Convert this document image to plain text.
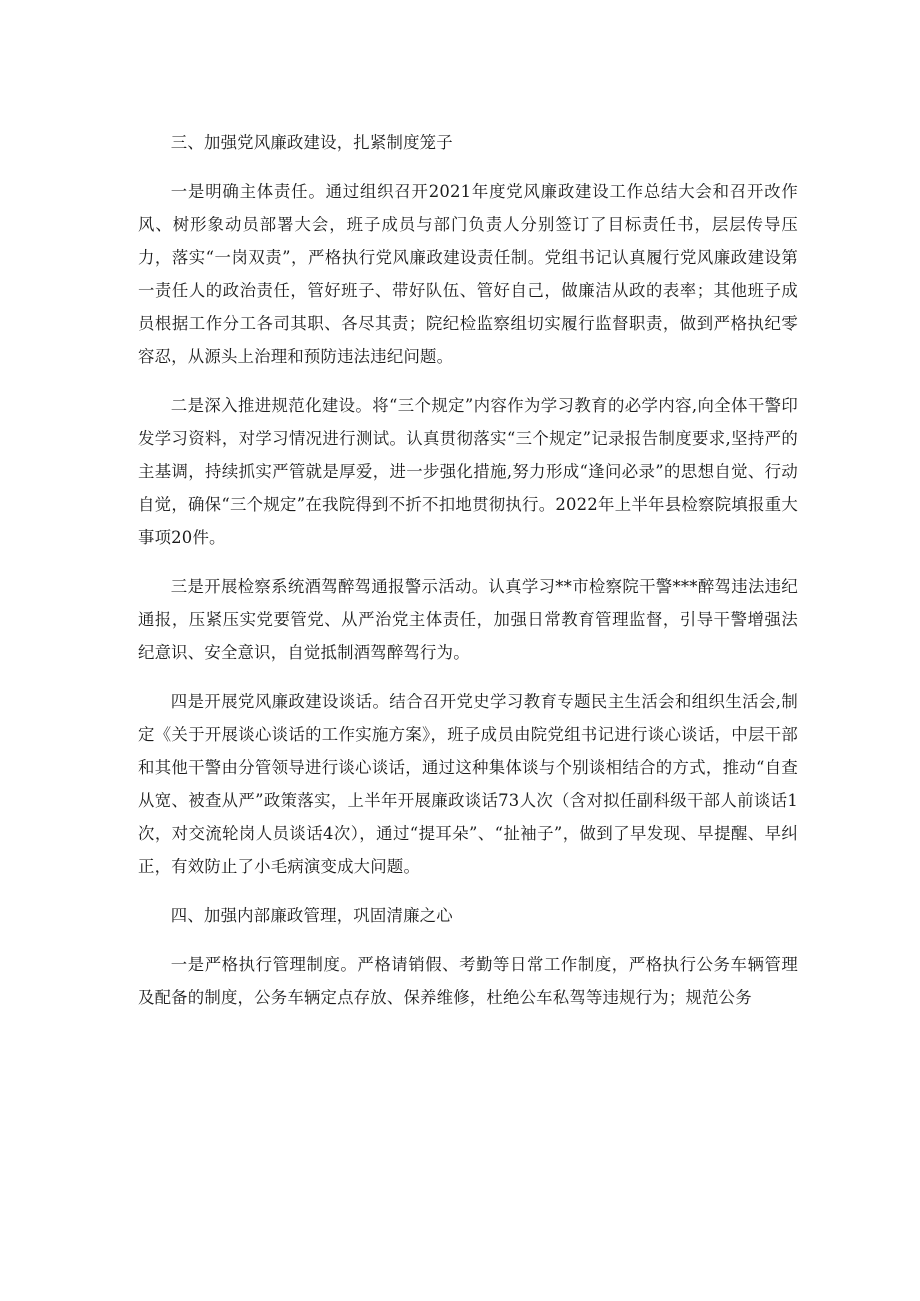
三、加强党风廉政建设，扎紧制度笼子

一是明确主体责任。通过组织召开2021年度党风廉政建设工作总结大会和召开改作风、树形象动员部署大会，班子成员与部门负责人分别签订了目标责任书，层层传导压力，落实“一岗双责”，严格执行党风廉政建设责任制。党组书记认真履行党风廉政建设第一责任人的政治责任，管好班子、带好队伍、管好自己，做廉洁从政的表率；其他班子成员根据工作分工各司其职、各尽其责；院纪检监察组切实履行监督职责，做到严格执纪零容忍，从源头上治理和预防违法违纪问题。

二是深入推进规范化建设。将“三个规定”内容作为学习教育的必学内容,向全体干警印发学习资料，对学习情况进行测试。认真贯彻落实“三个规定”记录报告制度要求,坚持严的主基调，持续抓实严管就是厚爱，进一步强化措施,努力形成“逢问必录”的思想自觉、行动自觉，确保“三个规定”在我院得到不折不扣地贯彻执行。2022年上半年县检察院填报重大事项20件。

三是开展检察系统酒驾醉驾通报警示活动。认真学习**市检察院干警***醉驾违法违纪通报，压紧压实党要管党、从严治党主体责任，加强日常教育管理监督，引导干警增强法纪意识、安全意识，自觉抵制酒驾醉驾行为。

四是开展党风廉政建设谈话。结合召开党史学习教育专题民主生活会和组织生活会,制定《关于开展谈心谈话的工作实施方案》，班子成员由院党组书记进行谈心谈话，中层干部和其他干警由分管领导进行谈心谈话，通过这种集体谈与个别谈相结合的方式，推动“自查从宽、被查从严”政策落实，上半年开展廉政谈话73人次（含对拟任副科级干部人前谈话1次，对交流轮岗人员谈话4次），通过“提耳朵”、“扯袖子”，做到了早发现、早提醒、早纠正，有效防止了小毛病演变成大问题。

四、加强内部廉政管理，巩固清廉之心

一是严格执行管理制度。严格请销假、考勤等日常工作制度，严格执行公务车辆管理及配备的制度，公务车辆定点存放、保养维修，杜绝公车私驾等违规行为；规范公务
